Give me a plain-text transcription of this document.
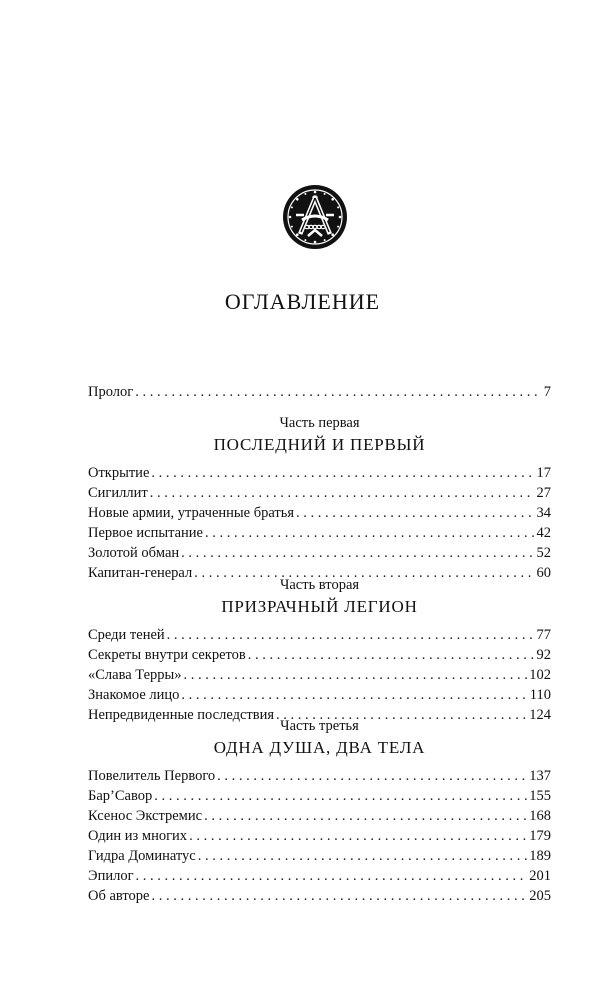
ОГЛАВЛЕНИЕ
Пролог . . .	7
Часть первая
ПОСЛЕДНИЙ И ПЕРВЫЙ
Открытие . . .	17
Сигиллит . . .	27
Новые армии, утраченные братья . . .	34
Первое испытание . . .	42
Золотой обман . . .	52
Капитан-генерал . . .	60
Часть вторая
ПРИЗРАЧНЫЙ ЛЕГИОН
Среди теней . . .	77
Секреты внутри секретов . . .	92
«Слава Терры» . . .	102
Знакомое лицо . . .	110
Непредвиденные последствия . . .	124
Часть третья
ОДНА ДУША, ДВА ТЕЛА
Повелитель Первого . . .	137
Бар’Савор . . .	155
Ксенос Экстремис . . .	168
Один из многих . . .	179
Гидра Доминатус . . .	189
Эпилог . . .	201
Об авторе . . .	205
